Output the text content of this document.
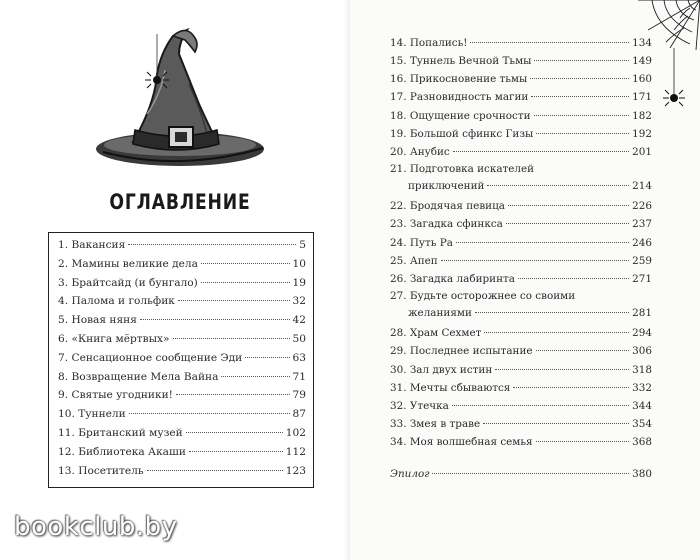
ОГЛАВЛЕНИЕ
1. Вакансия	5
2. Мамины великие дела	10
3. Брайтсайд (и бунгало)	19
4. Палома и гольфик	32
5. Новая няня	42
6. «Книга мёртвых»	50
7. Сенсационное сообщение Эди	63
8. Возвращение Мела Вайна	71
9. Святые угодники!	79
10. Туннели	87
11. Британский музей	102
12. Библиотека Акаши	112
13. Посетитель	123
14. Попались!	134
15. Туннель Вечной Тьмы	149
16. Прикосновение тьмы	160
17. Разновидность магии	171
18. Ощущение срочности	182
19. Большой сфинкс Гизы	192
20. Анубис	201
21. Подготовка искателей
приключений	214
22. Бродячая певица	226
23. Загадка сфинкса	237
24. Путь Ра	246
25. Апеп	259
26. Загадка лабиринта	271
27. Будьте осторожнее со своими
желаниями	281
28. Храм Сехмет	294
29. Последнее испытание	306
30. Зал двух истин	318
31. Мечты сбываются	332
32. Утечка	344
33. Змея в траве	354
34. Моя волшебная семья	368
Эпилог	380
bookclub.by
